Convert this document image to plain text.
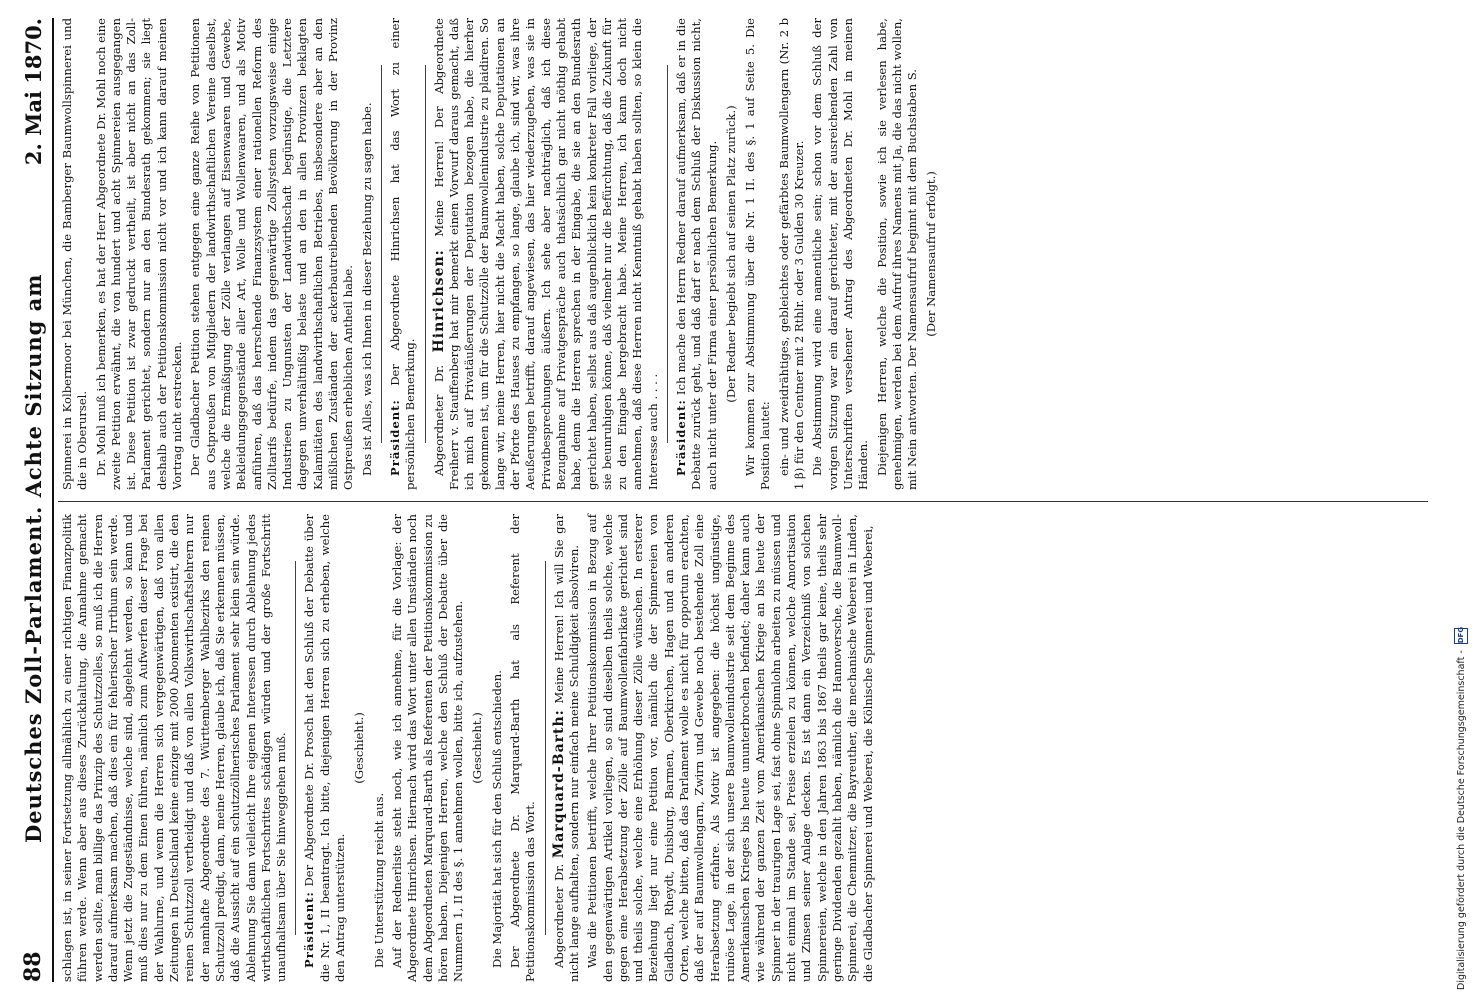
88
Deutsches Zoll-Parlament. Achte Sitzung am
2. Mai 1870.

schlagen ist, in seiner Fortsetzung allmählich zu einer richtigen Finanzpolitik führen werde. Wenn aber aus dieses Zurückhaltung, die Annahme gemacht werden sollte, man billige das Prinzip des Schutzzolles, so muß ich die Herren darauf aufmerksam machen, daß dies ein für fehlerischer Irrthum sein werde. Wenn jetzt die Zugeständnisse, welche sind, abgelehnt werden, so kann und muß dies nur zu dem Einen führen, nämlich zum Aufwerfen dieser Frage bei der Wahlurne, und wenn die Herren sich vergegenwärtigen, daß von allen Zeitungen in Deutschland keine einzige mit 2000 Abonnenten existirt, die den reinen Schutzzoll vertheidigt und daß von allen Volkswirthschaftslehrern nur der namhafte Abgeordnete des 7. Württemberger Wahlbezirks den reinen Schutzzoll predigt, dann, meine Herren, glaube ich, daß Sie erkennen müssen, daß die Aussicht auf ein schutzzöllnerisches Parlament sehr klein sein würde. Ablehnung Sie dann vielleicht Ihre eigenen Interessen durch Ablehnung jedes wirthschaftlichen Fortschrittes schädigen würden und der große Fortschritt unaufhaltsam über Sie hinweggehen muß. Präsident: Der Abgeordnete Dr. Prosch hat den Schluß der Debatte über die Nr. 1, II beantragt. Ich bitte, diejenigen Herren sich zu erheben, welche den Antrag unterstützen.

(Geschieht.)

Die Unterstützung reicht aus. Auf der Rednerliste steht noch, wie ich annehme, für die Vorlage: der Abgeordnete Hinrichsen. Hiernach wird das Wort unter allen Umständen noch dem Abgeordneten Marquard-Barth als Referenten der Petitionskommission zu hören haben. Diejenigen Herren, welche den Schluß der Debatte über die Nummern 1, II des §. 1 annehmen wollen, bitte ich, aufzustehen. (Geschieht.) Die Majorität hat sich für den Schluß entschieden. Der Abgeordnete Dr. Marquard-Barth hat als Referent der Petitionskommission das Wort. Abgeordneter Dr. Marquard-Barth: Meine Herren! Ich will Sie gar nicht lange aufhalten, sondern nur einfach meine Schuldigkeit absolviren. Was die Petitionen betrifft, welche Ihrer Petitionskommission in Bezug auf den gegenwärtigen Artikel vorliegen, so sind dieselben theils solche, welche gegen eine Herabsetzung der Zölle auf Baumwollenfabrikate gerichtet sind und theils solche, welche eine Erhöhung dieser Zölle wünschen. In ersterer Beziehung liegt nur eine Petition vor, nämlich die der Spinnereien von Gladbach, Rheydt, Duisburg, Barmen, Oberkirchen, Hagen und an anderen Orten, welche bitten, daß das Parlament wolle es nicht für opportun erachten, daß der auf Baumwollengarn, Zwirn und Gewebe noch bestehende Zoll eine Herabsetzung erfahre. Als Motiv ist angegeben: die höchst ungünstige, ruinöse Lage, in der sich unsere Baumwollenindustrie seit dem Beginne des Amerikanischen Krieges bis heute ununterbrochen befindet; daher kann auch wie während der ganzen Zeit vom Amerikanischen Kriege an bis heute der Spinner in der traurigen Lage sei, fast ohne Spinnlohn arbeiten zu müssen und nicht einmal im Stande sei, Preise erzielen zu können, welche Amortisation und Zinsen seiner Anlage decken. Es ist dann ein Verzeichniß von solchen Spinnereien, welche in den Jahren 1863 bis 1867 theils gar keine, theils sehr geringe Dividenden gezahlt haben, nämlich die Hannoversche, die Baumwoll-Spinnerei, die Chemnitzer, die Bayreuther, die mechanische Weberei in Linden, die Gladbacher Spinnerei und Weberei, die Kölnische Spinnerei und Weberei,

Spinnerei in Kolbermoor bei München, die Bamberger Baumwollspinnerei und die in Oberursel. Dr. Mohl muß ich bemerken, es hat der Herr Abgeordnete Dr. Mohl noch eine zweite Petition erwähnt, die von hundert und acht Spinnereien ausgegangen ist. Diese Petition ist zwar gedruckt vertheilt, ist aber nicht an das Zoll-Parlament gerichtet, sondern nur an den Bundesrath gekommen; sie liegt deshalb auch der Petitionskommission nicht vor und ich kann darauf meinen Vortrag nicht erstrecken. Der Gladbacher Petition stehen entgegen eine ganze Reihe von Petitionen aus Ostpreußen von Mitgliedern der landwirthschaftlichen Vereine daselbst, welche die Ermäßigung der Zölle verlangen auf Eisenwaaren und Gewebe, Bekleidungsgegenstände aller Art, Wolle und Wollenwaaren, und als Motiv anführen, daß das herrschende Finanzsystem einer rationellen Reform des Zolltarifs bedürfe, indem das gegenwärtige Zollsystem vorzugsweise einige Industrieen zu Ungunsten der Landwirthschaft begünstige, die Letztere dagegen unverhältnißig belaste und an den in allen Provinzen beklagten Kalamitäten des landwirthschaftlichen Betriebes, insbesondere aber an den mißlichen Zuständen der ackerbautreibenden Bevölkerung in der Provinz Ostpreußen erheblichen Antheil habe. Das ist Alles, was ich Ihnen in dieser Beziehung zu sagen habe. Präsident: Der Abgeordnete Hinrichsen hat das Wort zu einer persönlichen Bemerkung. Abgeordneter Dr. Hinrichsen: Meine Herren! Der Abgeordnete Freiherr v. Stauffenberg hat mir bemerkt einen Vorwurf daraus gemacht, daß ich mich auf Privatäußerungen der Deputation bezogen habe, die hierher gekommen ist, um für die Schutzzölle der Baumwollenindustrie zu plaidiren. So lange wir, meine Herren, hier nicht die Macht haben, solche Deputationen an der Pforte des Hauses zu empfangen, so lange, glaube ich, sind wir, was ihre Aeußerungen betrifft, darauf angewiesen, das hier wiederzugeben, was sie in Privatbesprechungen äußern. Ich sehe aber nachträglich, daß ich diese Bezugnahme auf Privatgespräche auch thatsächlich gar nicht nöthig gehabt habe, denn die Herren sprechen in der Eingabe, die sie an den Bundesrath gerichtet haben, selbst aus daß augenblicklich kein konkreter Fall vorliege, der sie beunruhigen könne, daß vielmehr nur die Befürchtung, daß die Zukunft für zu den Eingabe hergebracht habe. Meine Herren, ich kann doch nicht annehmen, daß diese Herren nicht Kenntniß gehabt haben sollten, so klein die Interesse auch . . . . Präsident: Ich mache den Herrn Redner darauf aufmerksam, daß er in die Debatte zurück geht, und daß darf er nach dem Schluß der Diskussion nicht, auch nicht unter der Firma einer persönlichen Bemerkung. (Der Redner begiebt sich auf seinen Platz zurück.) Wir kommen zur Abstimmung über die Nr. 1 II. des §. 1 auf Seite 5. Die Position lautet: ein- und zweidrähtiges, gebleichtes oder gefärbtes Baumwollengarn (Nr. 2 b 1 β) für den Centner mit 2 Rthlr. oder 3 Gulden 30 Kreuzer. Die Abstimmung wird eine namentliche sein; schon vor dem Schluß der vorigen Sitzung war ein darauf gerichteter, mit der ausreichenden Zahl von Unterschriften versehener Antrag des Abgeordneten Dr. Mohl in meinen Händen. Diejenigen Herren, welche die Position, sowie ich sie verlesen habe, genehmigen, werden bei dem Aufruf ihres Namens mit Ja, die das nicht wollen, mit Nein antworten. Der Namensaufruf beginnt mit dem Buchstaben S. (Der Namensaufruf erfolgt.)

Digitalisierung gefördert durch die Deutsche Forschungsgemeinschaft -
DFG
